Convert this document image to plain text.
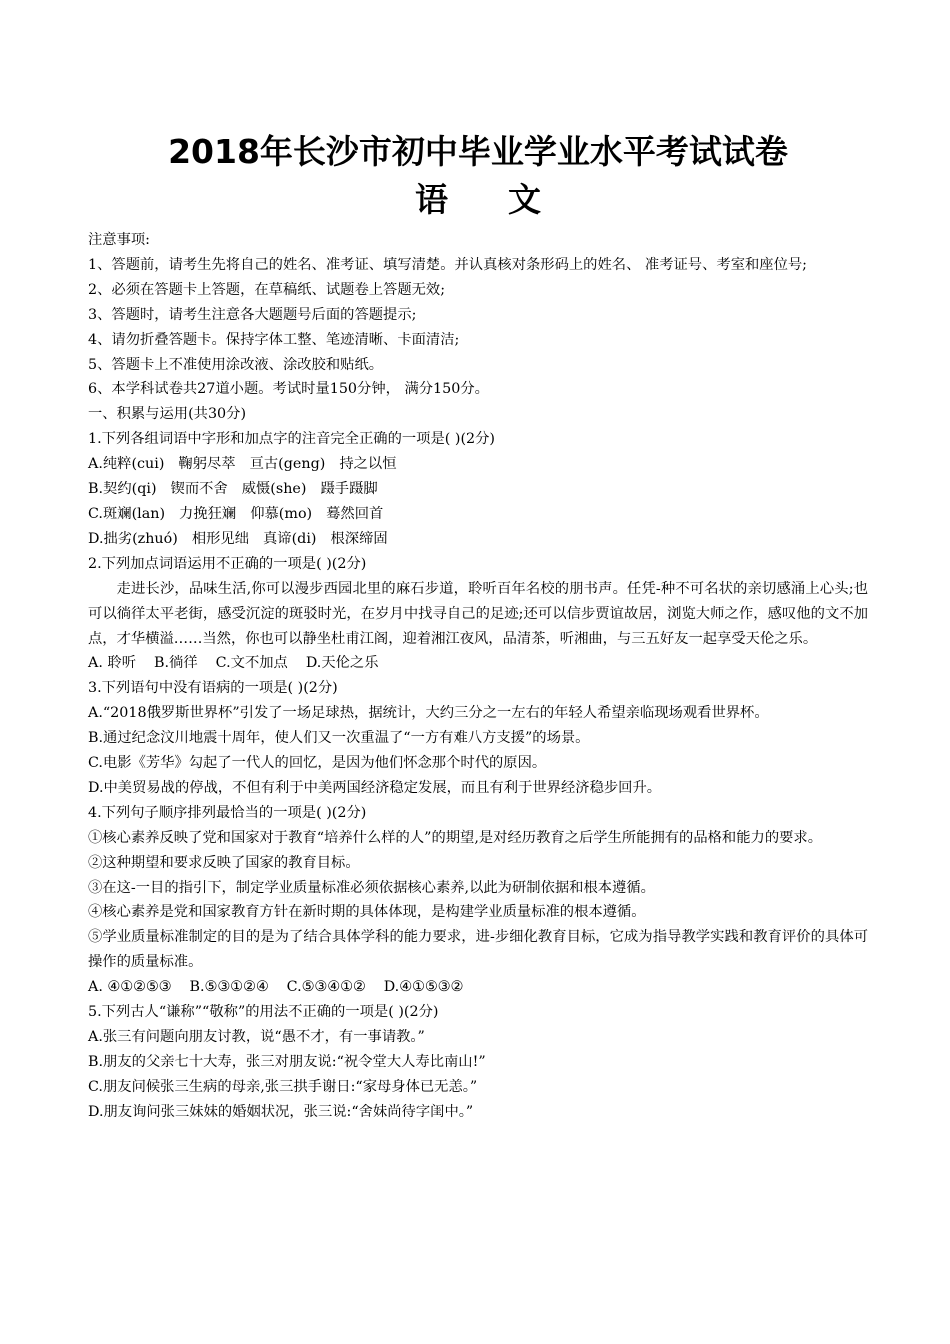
2018年长沙市初中毕业学业水平考试试卷
语 文
注意事项:
1、答题前，请考生先将自己的姓名、准考证、填写清楚。并认真核对条形码上的姓名、 准考证号、考室和座位号;
2、必须在答题卡上答题，在草稿纸、试题卷上答题无效;
3、答题时，请考生注意各大题题号后面的答题提示;
4、请勿折叠答题卡。保持字体工整、笔迹清晰、卡面清洁;
5、答题卡上不准使用涂改液、涂改胶和贴纸。
6、本学科试卷共27道小题。考试时量150分钟， 满分150分。
一、积累与运用(共30分)
1.下列各组词语中字形和加点字的注音完全正确的一项是( )(2分)
A.纯粹(cui) 鞠躬尽萃 亘古(geng) 持之以恒
B.契约(qi) 锲而不舍 威慑(she) 蹑手蹑脚
C.斑斓(lan) 力挽狂斓 仰慕(mo) 蓦然回首
D.拙劣(zhuó) 相形见绌 真谛(di) 根深缔固
2.下列加点词语运用不正确的一项是( )(2分)
走进长沙，品味生活,你可以漫步西园北里的麻石步道，聆听百年名校的朋书声。任凭-种不可名状的亲切感涌上心头;也可以徜徉太平老街，感受沉淀的斑驳时光，在岁月中找寻自己的足迹;还可以信步贾谊故居，浏览大师之作，感叹他的文不加点，才华横溢……当然，你也可以静坐杜甫江阁，迎着湘江夜风，品清茶，听湘曲，与三五好友一起享受天伦之乐。
A. 聆听 B.徜徉 C.文不加点 D.天伦之乐
3.下列语句中没有语病的一项是( )(2分)
A.“2018俄罗斯世界杯”引发了一场足球热，据统计，大约三分之一左右的年轻人希望亲临现场观看世界杯。
B.通过纪念汶川地震十周年，使人们又一次重温了“一方有难八方支援”的场景。
C.电影《芳华》勾起了一代人的回忆，是因为他们怀念那个时代的原因。
D.中美贸易战的停战，不但有利于中美两国经济稳定发展，而且有利于世界经济稳步回升。
4.下列句子顺序排列最恰当的一项是( )(2分)
①核心素养反映了党和国家对于教育“培养什么样的人”的期望,是对经历教育之后学生所能拥有的品格和能力的要求。
②这种期望和要求反映了国家的教育目标。
③在这-一目的指引下，制定学业质量标准必须依据核心素养,以此为研制依据和根本遵循。
④核心素养是党和国家教育方针在新时期的具体体现，是构建学业质量标准的根本遵循。
⑤学业质量标准制定的目的是为了结合具体学科的能力要求，进-步细化教育目标，它成为指导教学实践和教育评价的具体可操作的质量标准。
A. ④①②⑤③ B.⑤③①②④ C.⑤③④①② D.④①⑤③②
5.下列古人“谦称”“敬称”的用法不正确的一项是( )(2分)
A.张三有问题向朋友讨教，说“愚不才，有一事请教。”
B.朋友的父亲七十大寿，张三对朋友说:“祝令堂大人寿比南山!”
C.朋友问候张三生病的母亲,张三拱手谢日:“家母身体已无恙。”
D.朋友询问张三妹妹的婚姻状况，张三说:“舍妹尚待字闺中。”
